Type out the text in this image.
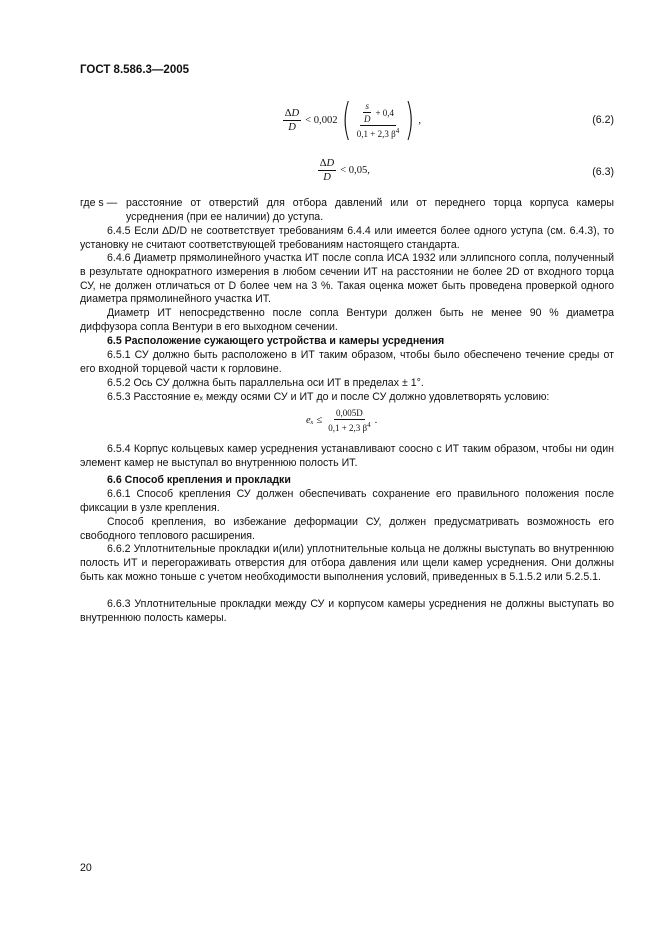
ГОСТ 8.586.3—2005
$\frac{\Delta D}{D} < 0,002$ ( $\frac{\frac{s}{D} + 0,4}{0,1 + 2,3 \beta^4}$ ) ,	(6.2)
$\frac{\Delta D}{D} < 0,05$,	(6.3)
где s — расстояние от отверстий для отбора давлений или от переднего торца корпуса камеры усреднения (при ее наличии) до уступа.
6.4.5 Если ∆D/D не соответствует требованиям 6.4.4 или имеется более одного уступа (см. 6.4.3), то установку не считают соответствующей требованиям настоящего стандарта.
6.4.6 Диаметр прямолинейного участка ИТ после сопла ИСА 1932 или эллипсного сопла, полученный в результате однократного измерения в любом сечении ИТ на расстоянии не более 2D от входного торца СУ, не должен отличаться от D более чем на 3 %. Такая оценка может быть проведена проверкой одного диаметра прямолинейного участка ИТ.
Диаметр ИТ непосредственно после сопла Вентури должен быть не менее 90 % диаметра диффузора сопла Вентури в его выходном сечении.
6.5 Расположение сужающего устройства и камеры усреднения
6.5.1 СУ должно быть расположено в ИТ таким образом, чтобы было обеспечено течение среды от его входной торцевой части к горловине.
6.5.2 Ось СУ должна быть параллельна оси ИТ в пределах ± 1°.
6.5.3 Расстояние eₓ между осями СУ и ИТ до и после СУ должно удовлетворять условию:
$e_x \le \frac{0,005D}{0,1 + 2,3 \beta^4}$ .
6.5.4 Корпус кольцевых камер усреднения устанавливают соосно с ИТ таким образом, чтобы ни один элемент камер не выступал во внутреннюю полость ИТ.
6.6 Способ крепления и прокладки
6.6.1 Способ крепления СУ должен обеспечивать сохранение его правильного положения после фиксации в узле крепления.
Способ крепления, во избежание деформации СУ, должен предусматривать возможность его свободного теплового расширения.
6.6.2 Уплотнительные прокладки и(или) уплотнительные кольца не должны выступать во внутреннюю полость ИТ и перегораживать отверстия для отбора давления или щели камер усреднения. Они должны быть как можно тоньше с учетом необходимости выполнения условий, приведенных в 5.1.5.2 или 5.2.5.1.
6.6.3 Уплотнительные прокладки между СУ и корпусом камеры усреднения не должны выступать во внутреннюю полость камеры.
20
